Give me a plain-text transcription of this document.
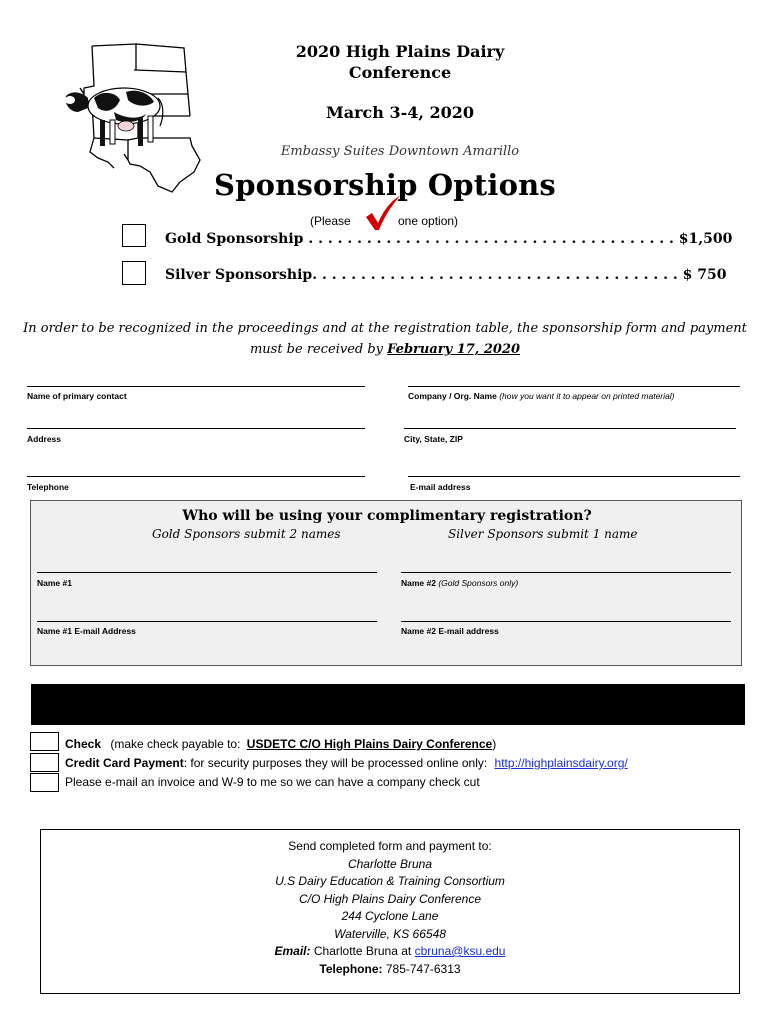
2020 High Plains Dairy
Conference
March 3-4, 2020
Embassy Suites Downtown Amarillo
Sponsorship Options
(Please	one option)
Gold Sponsorship . . . . . . . . . . . . . . . . . . . . . . . . . . . . . . . . . . . . . . $1,500
Silver Sponsorship. . . . . . . . . . . . . . . . . . . . . . . . . . . . . . . . . . . . . . $ 750
In order to be recognized in the proceedings and at the registration table, the sponsorship form and payment must be received by February 17, 2020
Name of primary contact	Company / Org. Name (how you want it to appear on printed material)
Address	City, State, ZIP
Telephone	E-mail address
Who will be using your complimentary registration?
Gold Sponsors submit 2 names	Silver Sponsors submit 1 name
Name #1	Name #2 (Gold Sponsors only)
Name #1 E-mail Address	Name #2 E-mail address
Check (make check payable to: USDETC C/O High Plains Dairy Conference)
Credit Card Payment: for security purposes they will be processed online only: http://highplainsdairy.org/
Please e-mail an invoice and W-9 to me so we can have a company check cut
Send completed form and payment to:
Charlotte Bruna
U.S Dairy Education & Training Consortium
C/O High Plains Dairy Conference
244 Cyclone Lane
Waterville, KS 66548
Email: Charlotte Bruna at cbruna@ksu.edu
Telephone: 785-747-6313
